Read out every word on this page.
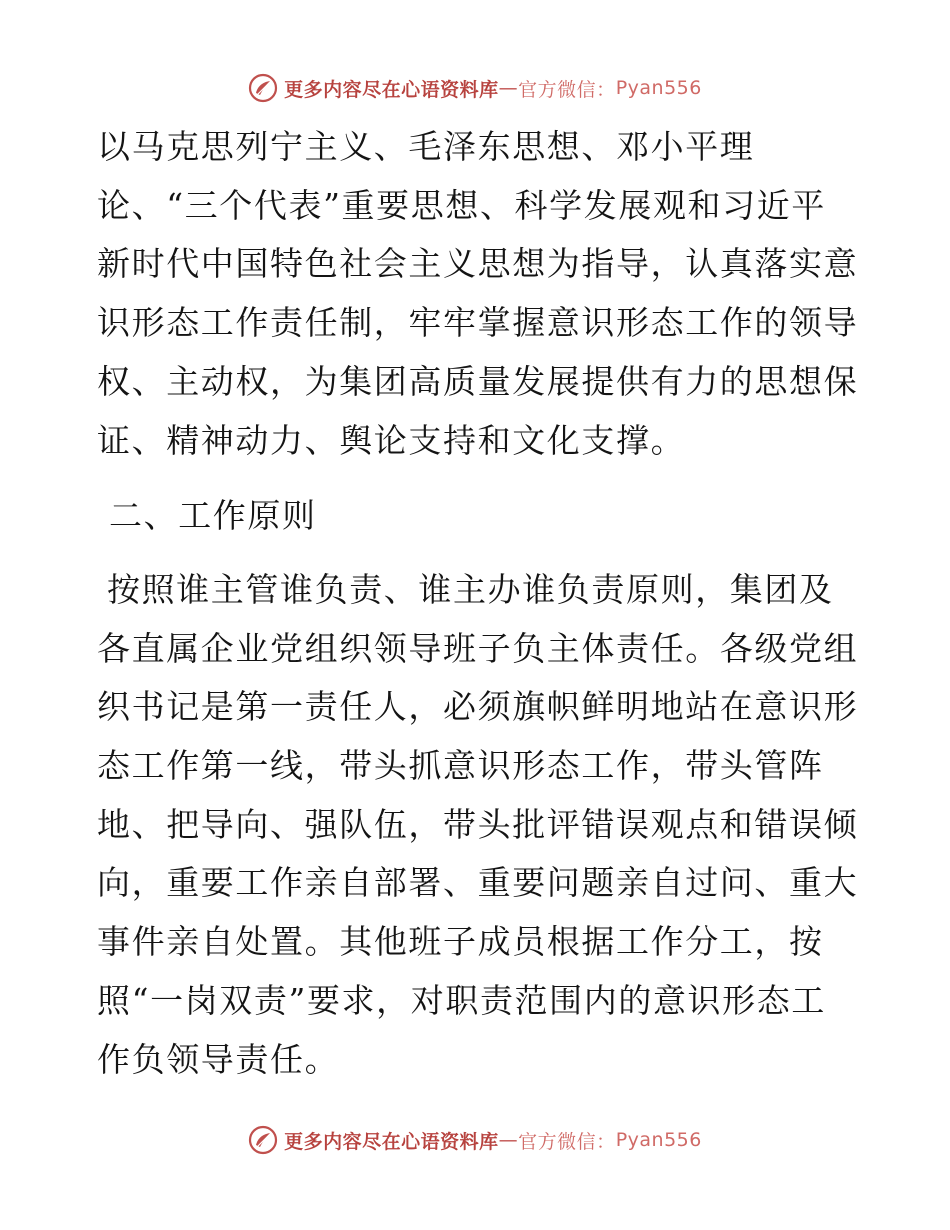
更多内容尽在心语资料库 — 官方微信： Pyan556

以马克思列宁主义、毛泽东思想、邓小平理
论、“三个代表”重要思想、科学发展观和习近平
新时代中国特色社会主义思想为指导，认真落实意
识形态工作责任制，牢牢掌握意识形态工作的领导
权、主动权，为集团高质量发展提供有力的思想保
证、精神动力、舆论支持和文化支撑。

二、工作原则

按照谁主管谁负责、谁主办谁负责原则，集团及
各直属企业党组织领导班子负主体责任。各级党组
织书记是第一责任人，必须旗帜鲜明地站在意识形
态工作第一线，带头抓意识形态工作，带头管阵
地、把导向、强队伍，带头批评错误观点和错误倾
向，重要工作亲自部署、重要问题亲自过问、重大
事件亲自处置。其他班子成员根据工作分工，按
照“一岗双责”要求，对职责范围内的意识形态工
作负领导责任。

更多内容尽在心语资料库 — 官方微信： Pyan556
